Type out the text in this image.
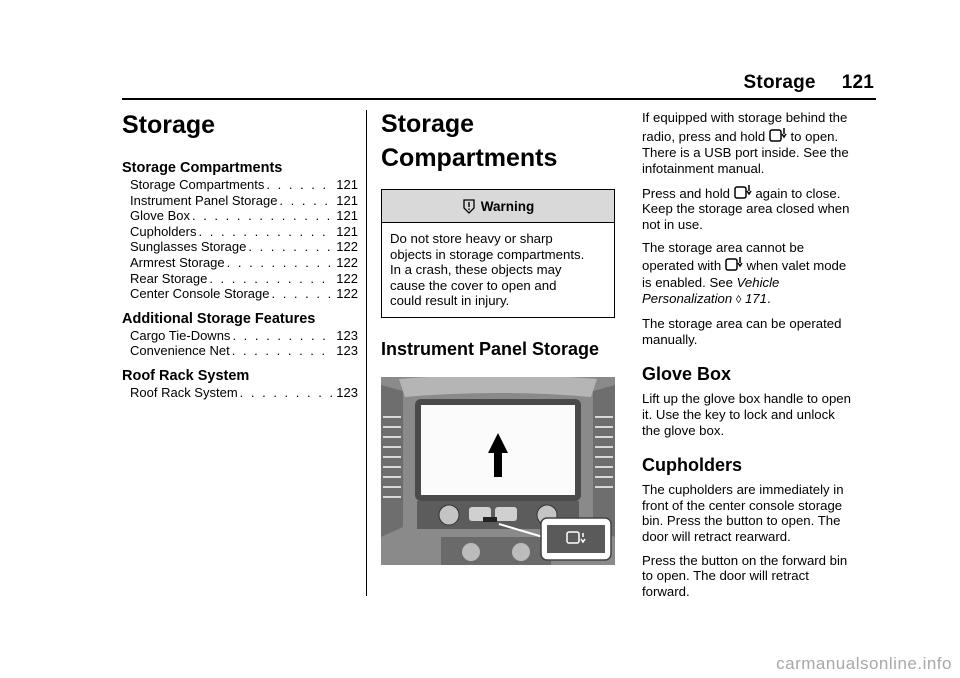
Storage 121
Storage
Storage Compartments
Storage Compartments . . .	121
Instrument Panel Storage . . .	121
Glove Box . . .	121
Cupholders . . .	121
Sunglasses Storage . . .	122
Armrest Storage . . .	122
Rear Storage . . .	122
Center Console Storage . . .	122
Additional Storage Features
Cargo Tie-Downs . . .	123
Convenience Net . . .	123
Roof Rack System
Roof Rack System . . .	123
Storage
Compartments
Warning

Do not store heavy or sharp
objects in storage compartments.
In a crash, these objects may
cause the cover to open and
could result in injury.

Instrument Panel Storage

If equipped with storage behind the
radio, press and hold to open.

There is a USB port inside. See the
infotainment manual.

Press and hold again to close.

Keep the storage area closed when
not in use.

The storage area cannot be

operated with when valet mode

is enabled. See Vehicle
Personalization ◊ 171.

The storage area can be operated
manually.

Glove Box

Lift up the glove box handle to open
it. Use the key to lock and unlock
the glove box.

Cupholders

The cupholders are immediately in
front of the center console storage
bin. Press the button to open. The
door will retract rearward.

Press the button on the forward bin
to open. The door will retract
forward.

carmanualsonline.info
